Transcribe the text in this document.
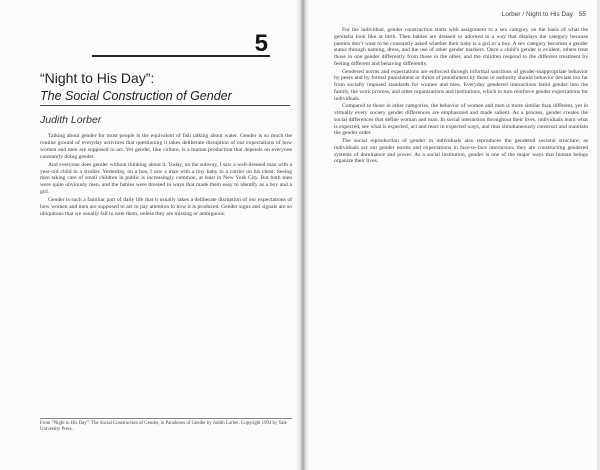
5
“Night to His Day”:
The Social Construction of Gender
Judith Lorber

Talking about gender for most people is the equivalent of fish talking about water. Gender is so much the routine ground of everyday activities that questioning it takes deliberate disruption of our expectations of how women and men are supposed to act. Yet gender, like culture, is a human production that depends on everyone constantly doing gender.

And everyone does gender without thinking about it. Today, on the subway, I saw a well-dressed man with a year-old child in a stroller. Yesterday, on a bus, I saw a man with a tiny baby in a carrier on his chest. Seeing men taking care of small children in public is increasingly common, at least in New York City. But both men were quite obviously men, and the babies were dressed in ways that made them easy to identify as a boy and a girl.

Gender is such a familiar part of daily life that it usually takes a deliberate disruption of our expectations of how women and men are supposed to act to pay attention to how it is produced. Gender signs and signals are so ubiquitous that we usually fail to note them, unless they are missing or ambiguous.

From “Night to His Day”: The Social Construction of Gender, in Paradoxes of Gender by Judith Lorber. Copyright 1994 by Yale University Press.
Lorber / Night to His Day 55

For the individual, gender construction starts with assignment to a sex category on the basis of what the genitalia look like at birth. Then babies are dressed or adorned in a way that displays the category because parents don’t want to be constantly asked whether their baby is a girl or a boy. A sex category becomes a gender status through naming, dress, and the use of other gender markers. Once a child’s gender is evident, others treat those in one gender differently from those in the other, and the children respond to the different treatment by feeling different and behaving differently.

Gendered norms and expectations are enforced through informal sanctions of gender-inappropriate behavior by peers and by formal punishment or threat of punishment by those in authority should behavior deviate too far from socially imposed standards for women and men. Everyday gendered interactions build gender into the family, the work process, and other organizations and institutions, which in turn reinforce gender expectations for individuals.

Compared to those in other categories, the behavior of women and men is more similar than different, yet in virtually every society gender differences are emphasized and made salient. As a process, gender creates the social differences that define woman and man. In social interaction throughout their lives, individuals learn what is expected, see what is expected, act and react in expected ways, and thus simultaneously construct and maintain the gender order.

The social reproduction of gender in individuals also reproduces the gendered societal structure; as individuals act out gender norms and expectations in face-to-face interaction, they are constructing gendered systems of dominance and power. As a social institution, gender is one of the major ways that human beings organize their lives.
